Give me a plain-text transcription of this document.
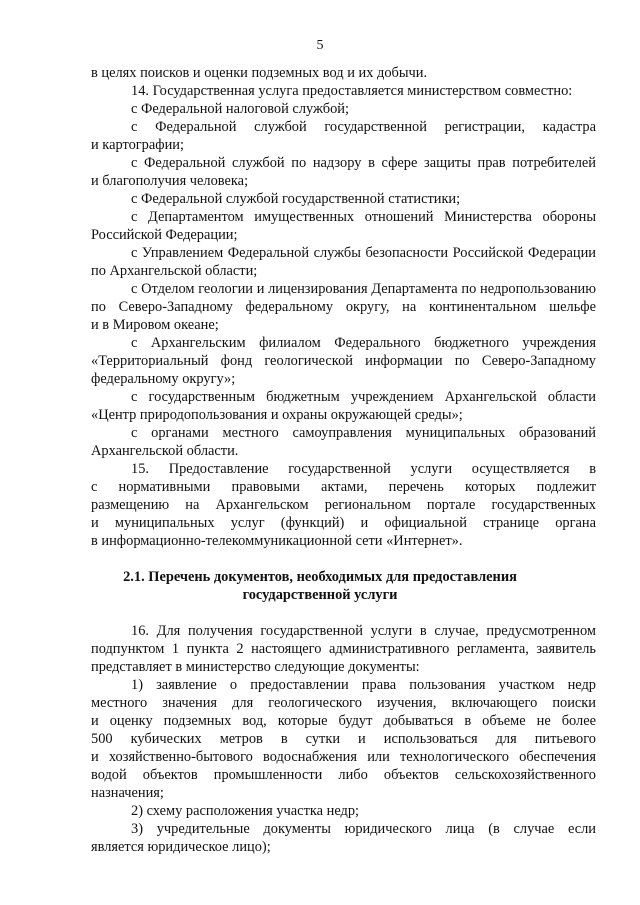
5
в целях поисков и оценки подземных вод и их добычи.
14. Государственная услуга предоставляется министерством совместно:
с Федеральной налоговой службой;
с Федеральной службой государственной регистрации, кадастра
и картографии;
с Федеральной службой по надзору в сфере защиты прав потребителей
и благополучия человека;
с Федеральной службой государственной статистики;
с Департаментом имущественных отношений Министерства обороны
Российской Федерации;
с Управлением Федеральной службы безопасности Российской Федерации
по Архангельской области;
с Отделом геологии и лицензирования Департамента по недропользованию
по Северо-Западному федеральному округу, на континентальном шельфе
и в Мировом океане;
с Архангельским филиалом Федерального бюджетного учреждения
«Территориальный фонд геологической информации по Северо-Западному
федеральному округу»;
с государственным бюджетным учреждением Архангельской области
«Центр природопользования и охраны окружающей среды»;
с органами местного самоуправления муниципальных образований
Архангельской области.
15. Предоставление государственной услуги осуществляется в
с нормативными правовыми актами, перечень которых подлежит
размещению на Архангельском региональном портале государственных
и муниципальных услуг (функций) и официальной странице органа
в информационно-телекоммуникационной сети «Интернет».
2.1. Перечень документов, необходимых для предоставления
государственной услуги
16. Для получения государственной услуги в случае, предусмотренном
подпунктом 1 пункта 2 настоящего административного регламента, заявитель
представляет в министерство следующие документы:
1) заявление о предоставлении права пользования участком недр
местного значения для геологического изучения, включающего поиски
и оценку подземных вод, которые будут добываться в объеме не более
500 кубических метров в сутки и использоваться для питьевого
и хозяйственно-бытового водоснабжения или технологического обеспечения
водой объектов промышленности либо объектов сельскохозяйственного
назначения;
2) схему расположения участка недр;
3) учредительные документы юридического лица (в случае если
является юридическое лицо);
